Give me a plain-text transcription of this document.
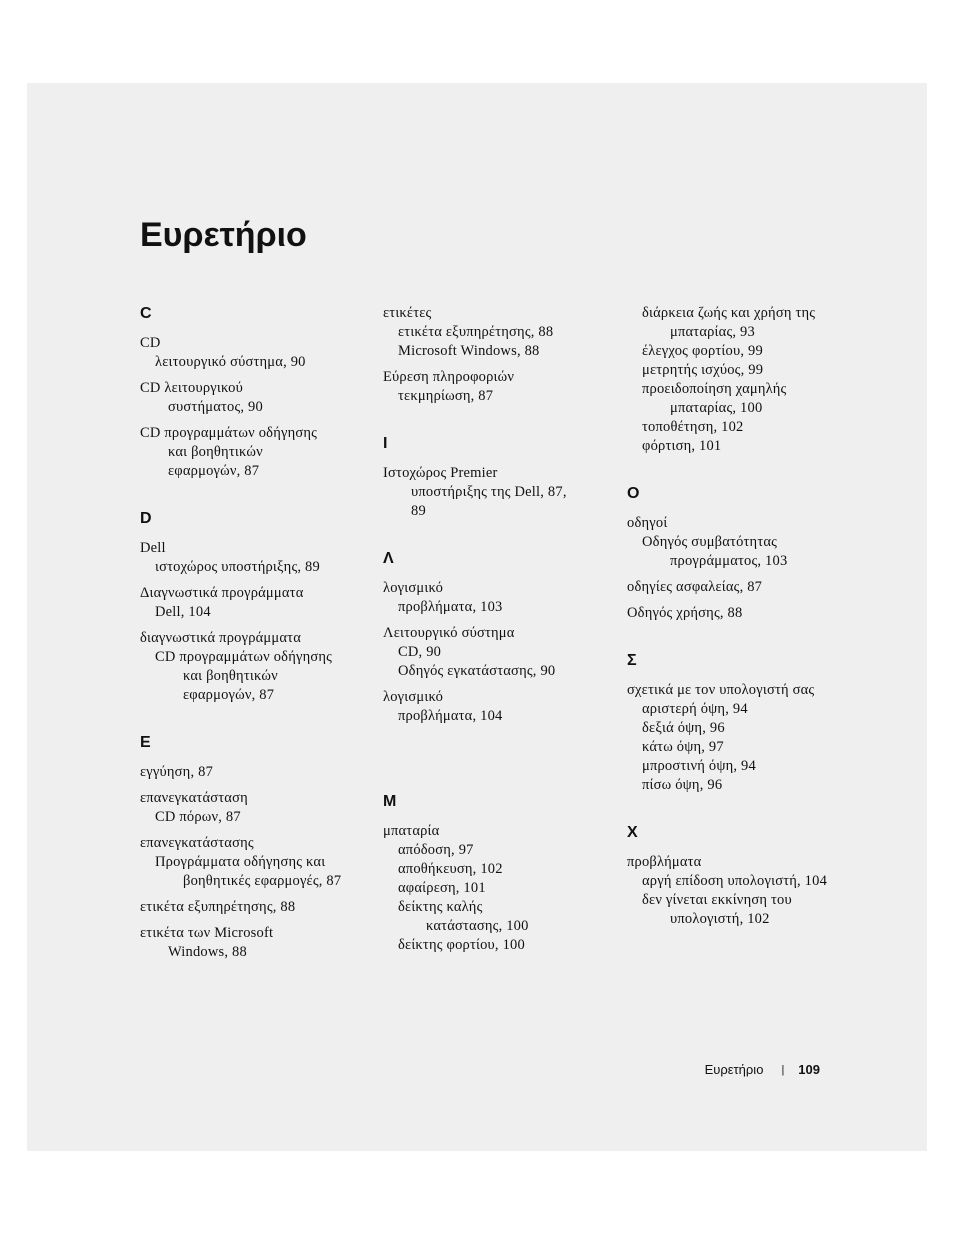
Ευρετήριο
C
CD
λειτουργικό σύστημα, 90
CD λειτουργικού
συστήματος, 90
CD προγραμμάτων οδήγησης
και βοηθητικών
εφαρμογών, 87
D
Dell
ιστοχώρος υποστήριξης, 89
Διαγνωστικά προγράμματα
Dell, 104
διαγνωστικά προγράμματα
CD προγραμμάτων οδήγησης
και βοηθητικών
εφαρμογών, 87
E
εγγύηση, 87
επανεγκατάσταση
CD πόρων, 87
επανεγκατάστασης
Προγράμματα οδήγησης και
βοηθητικές εφαρμογές, 87
ετικέτα εξυπηρέτησης, 88
ετικέτα των Microsoft
Windows, 88
ετικέτες
ετικέτα εξυπηρέτησης, 88
Microsoft Windows, 88
Εύρεση πληροφοριών
τεκμηρίωση, 87
I
Ιστοχώρος Premier
υποστήριξης της Dell, 87,
89
Λ
λογισμικό
προβλήματα, 103
Λειτουργικό σύστημα
CD, 90
Οδηγός εγκατάστασης, 90
λογισμικό
προβλήματα, 104
M
μπαταρία
απόδοση, 97
αποθήκευση, 102
αφαίρεση, 101
δείκτης καλής
κατάστασης, 100
δείκτης φορτίου, 100
διάρκεια ζωής και χρήση της
μπαταρίας, 93
έλεγχος φορτίου, 99
μετρητής ισχύος, 99
προειδοποίηση χαμηλής
μπαταρίας, 100
τοποθέτηση, 102
φόρτιση, 101
O
οδηγοί
Οδηγός συμβατότητας
προγράμματος, 103
οδηγίες ασφαλείας, 87
Οδηγός χρήσης, 88
Σ
σχετικά με τον υπολογιστή σας
αριστερή όψη, 94
δεξιά όψη, 96
κάτω όψη, 97
μπροστινή όψη, 94
πίσω όψη, 96
X
προβλήματα
αργή επίδοση υπολογιστή, 104
δεν γίνεται εκκίνηση του
υπολογιστή, 102
Ευρετήριο | 109
